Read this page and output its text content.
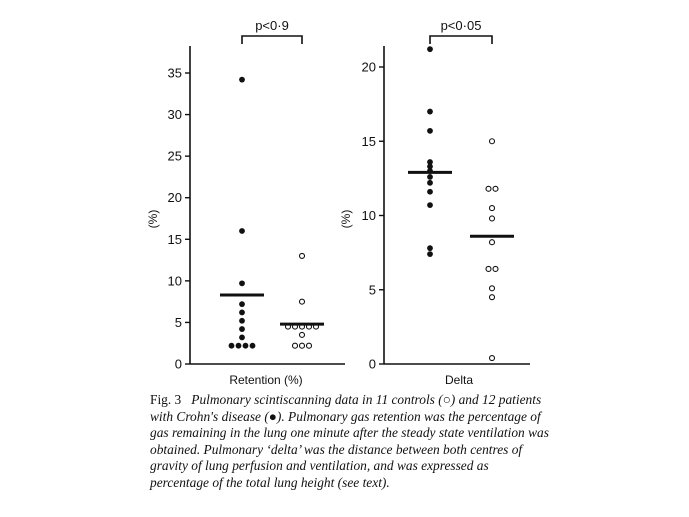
0
5
10
15
20
25
30
35
(%)
Retention (%)
p<0·9
0
5
10
15
20
(%)
Delta
p<0·05
Fig. 3 Pulmonary scintiscanning data in 11 controls (○) and 12 patients with Crohn's disease (●). Pulmonary gas retention was the percentage of gas remaining in the lung one minute after the steady state ventilation was obtained. Pulmonary ‘delta’ was the distance between both centres of gravity of lung perfusion and ventilation, and was expressed as percentage of the total lung height (see text).
